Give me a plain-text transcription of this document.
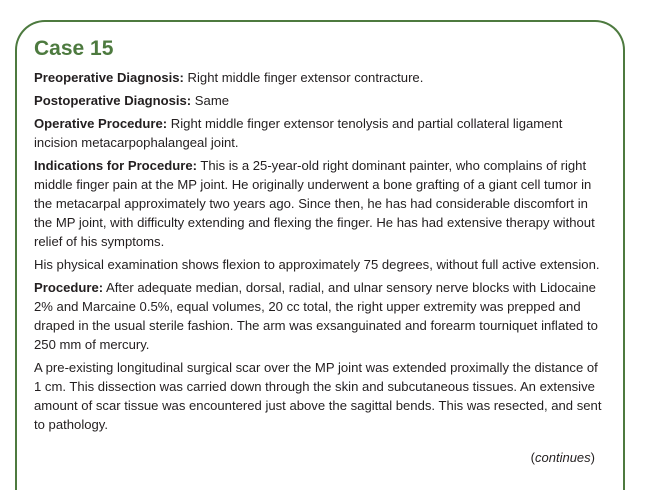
Case 15

Preoperative Diagnosis: Right middle finger extensor contracture.

Postoperative Diagnosis: Same

Operative Procedure: Right middle finger extensor tenolysis and partial collateral ligament incision metacarpophalangeal joint.

Indications for Procedure: This is a 25-year-old right dominant painter, who complains of right middle finger pain at the MP joint. He originally underwent a bone grafting of a giant cell tumor in the metacarpal approximately two years ago. Since then, he has had considerable discomfort in the MP joint, with difficulty extending and flexing the finger. He has had extensive therapy without relief of his symptoms.

His physical examination shows flexion to approximately 75 degrees, without full active extension.

Procedure: After adequate median, dorsal, radial, and ulnar sensory nerve blocks with Lidocaine 2% and Marcaine 0.5%, equal volumes, 20 cc total, the right upper extremity was prepped and draped in the usual sterile fashion. The arm was exsanguinated and forearm tourniquet inflated to 250 mm of mercury.

A pre-existing longitudinal surgical scar over the MP joint was extended proximally the distance of 1 cm. This dissection was carried down through the skin and subcutaneous tissues. An extensive amount of scar tissue was encountered just above the sagittal bends. This was resected, and sent to pathology.

(continues)
